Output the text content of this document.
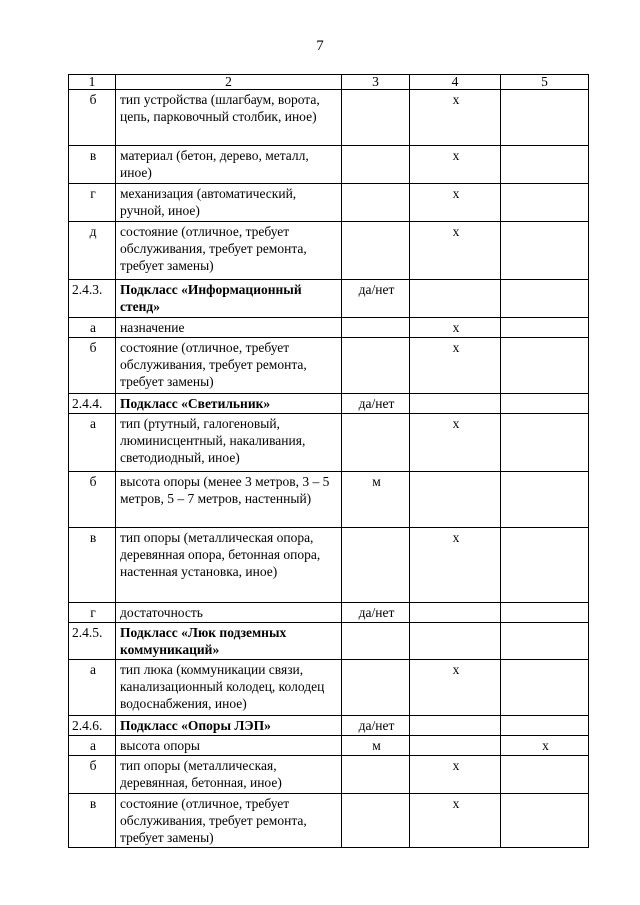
7
1	2	3	4	5
б	тип устройства (шлагбаум, ворота, цепь, парковочный столбик, иное)		х	
в	материал (бетон, дерево, металл, иное)		х	
г	механизация (автоматический, ручной, иное)		х	
д	состояние (отличное, требует обслуживания, требует ремонта, требует замены)		х	
2.4.3.	Подкласс «Информационный стенд»	да/нет		
а	назначение		х	
б	состояние (отличное, требует обслуживания, требует ремонта, требует замены)		х	
2.4.4.	Подкласс «Светильник»	да/нет		
а	тип (ртутный, галогеновый, люминисцентный, накаливания, светодиодный, иное)		х	
б	высота опоры (менее 3 метров, 3 – 5 метров, 5 – 7 метров, настенный)	м		
в	тип опоры (металлическая опора, деревянная опора, бетонная опора, настенная установка, иное)		х	
г	достаточность	да/нет		
2.4.5.	Подкласс «Люк подземных коммуникаций»			
а	тип люка (коммуникации связи, канализационный колодец, колодец водоснабжения, иное)		х	
2.4.6.	Подкласс «Опоры ЛЭП»	да/нет		
а	высота опоры	м		х
б	тип опоры (металлическая, деревянная, бетонная, иное)		х	
в	состояние (отличное, требует обслуживания, требует ремонта, требует замены)		х	
